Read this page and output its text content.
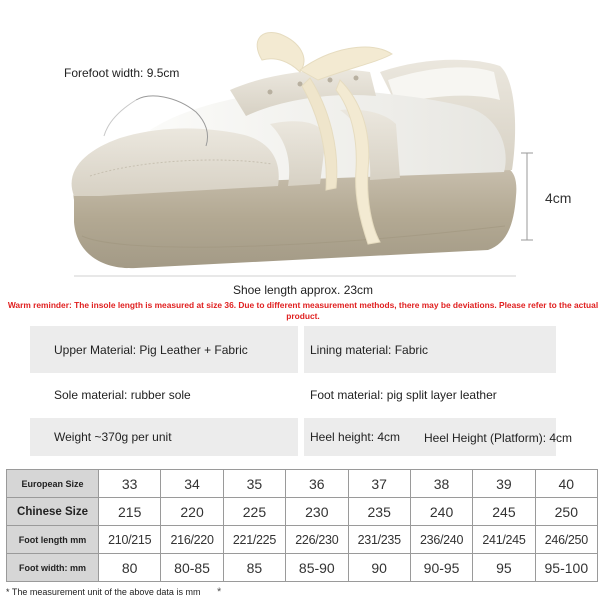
Forefoot width: 9.5cm
4cm
Shoe length approx. 23cm
Warm reminder: The insole length is measured at size 36. Due to different measurement methods, there may be deviations. Please refer to the actual product.
Upper Material: Pig Leather + Fabric	Lining material: Fabric
Sole material: rubber sole	Foot material: pig split layer leather
Weight ~370g per unit	Heel height: 4cm Heel Height (Platform): 4cm
European Size	33	34	35	36	37	38	39	40
Chinese Size	215	220	225	230	235	240	245	250
Foot length mm	210/215	216/220	221/225	226/230	231/235	236/240	241/245	246/250
Foot width: mm	80	80-85	85	85-90	90	90-95	95	95-100
* The measurement unit of the above data is mm *
